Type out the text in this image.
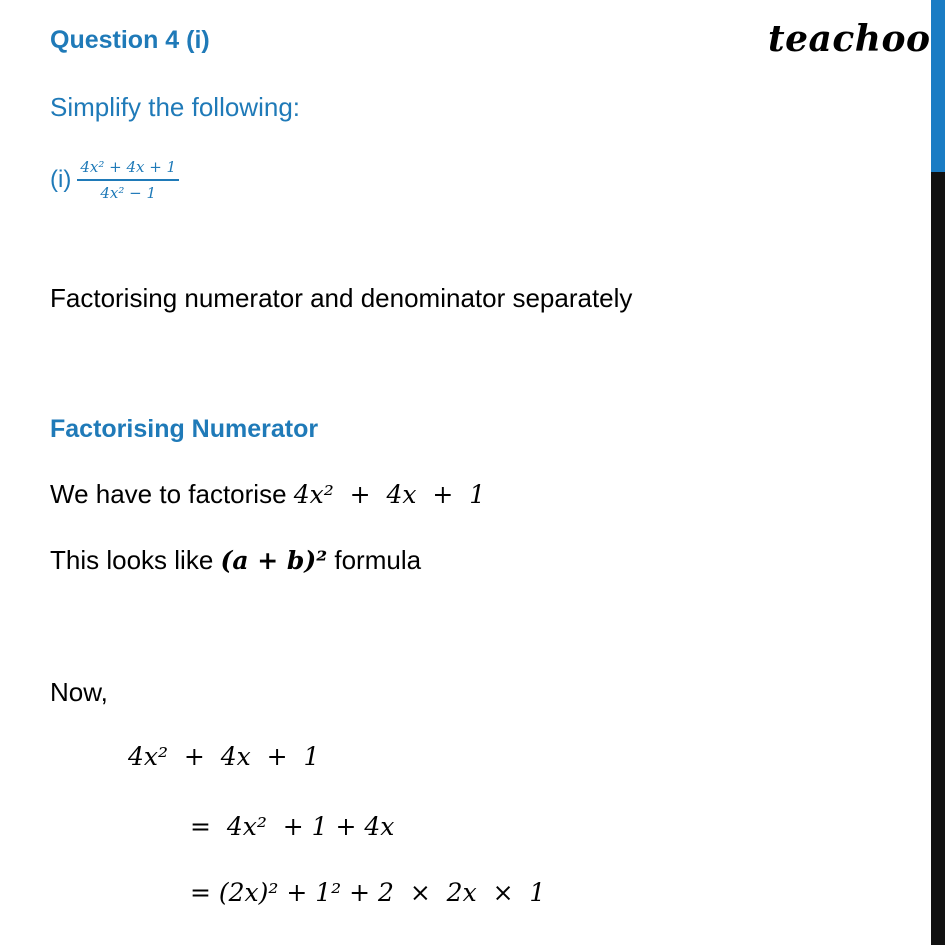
Question 4 (i)	teachoo
Simplify the following:
$(i) \frac{\text{4x² + 4x + 1}}{\text{4x² − 1}}$
Factorising numerator and denominator separately
Factorising Numerator
We have to factorise 4x²  +  4x  +  1
This looks like (a + b)² formula
Now,
4x²  +  4x  +  1
=  4x²  + 1 + 4x
= (2x)² + 1² + 2  ×  2x  ×  1
